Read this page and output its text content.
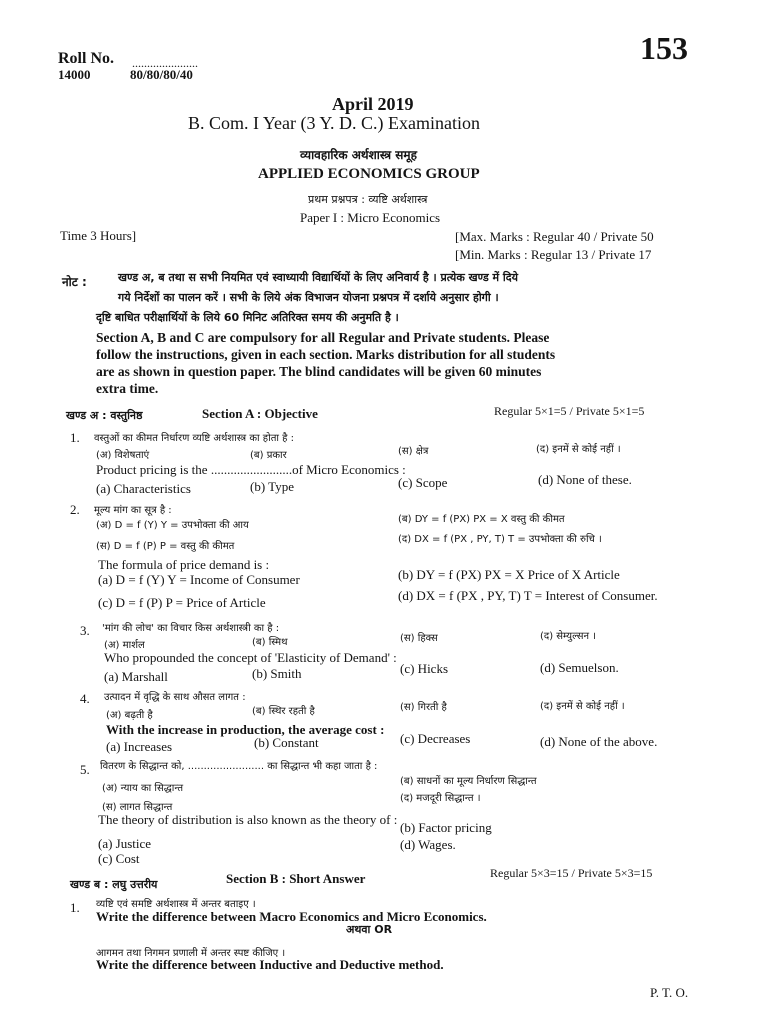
Roll No. ......................
14000	80/80/80/40
153
April 2019
B. Com. I Year (3 Y. D. C.) Examination
व्यावहारिक अर्थशास्त्र समूह
APPLIED ECONOMICS GROUP
प्रथम प्रश्नपत्र : व्यष्टि अर्थशास्त्र
Paper I : Micro Economics
Time 3 Hours]	[Max. Marks : Regular 40 / Private 50
[Min. Marks : Regular 13 / Private 17
नोट :	खण्ड अ, ब तथा स सभी नियमित एवं स्वाध्यायी विद्यार्थियों के लिए अनिवार्य है । प्रत्येक खण्ड में दिये
गये निर्देशों का पालन करें । सभी के लिये अंक विभाजन योजना प्रश्नपत्र में दर्शाये अनुसार होगी ।
दृष्टि बाधित परीक्षार्थियों के लिये 60 मिनिट अतिरिक्त समय की अनुमति है ।
Section A, B and C are compulsory for all Regular and Private students. Please
follow the instructions, given in each section. Marks distribution for all students
are as shown in question paper. The blind candidates will be given 60 minutes
extra time.
खण्ड अ : वस्तुनिष्ठ	Section A : Objective	Regular 5×1=5 / Private 5×1=5
1. वस्तुओं का कीमत निर्धारण व्यष्टि अर्थशास्त्र का होता है :
(अ) विशेषताएं	(ब) प्रकार	(स) क्षेत्र	(द) इनमें से कोई नहीं ।
Product pricing is the .........................of Micro Economics :
(a) Characteristics	(b) Type	(c) Scope	(d) None of these.
2. मूल्य मांग का सूत्र है :
(अ) D = f (Y) Y = उपभोक्ता की आय
(ब) DY = f (PX) PX = X वस्तु की कीमत
(स) D = f (P) P = वस्तु की कीमत
(द) DX = f (PX , PY, T) T = उपभोक्ता की रुचि ।
The formula of price demand is :
(a) D = f (Y) Y = Income of Consumer	(b) DY = f (PX) PX = X Price of X Article
(c) D = f (P) P = Price of Article	(d) DX = f (PX , PY, T) T = Interest of Consumer.
3. 'मांग की लोच' का विचार किस अर्थशास्त्री का है :
(अ) मार्शल	(ब) स्मिथ	(स) हिक्स	(द) सेम्युल्सन ।
Who propounded the concept of 'Elasticity of Demand' :
(a) Marshall	(b) Smith	(c) Hicks	(d) Semuelson.
4. उत्पादन में वृद्धि के साथ औसत लागत :
(अ) बढ़ती है	(ब) स्थिर रहती है	(स) गिरती है	(द) इनमें से कोई नहीं ।
With the increase in production, the average cost :
(a) Increases	(b) Constant	(c) Decreases	(d) None of the above.
5. वितरण के सिद्धान्त को, ........................ का सिद्धान्त भी कहा जाता है :
(अ) न्याय का सिद्धान्त
(ब) साधनों का मूल्य निर्धारण सिद्धान्त
(स) लागत सिद्धान्त
(द) मजदूरी सिद्धान्त ।
The theory of distribution is also known as the theory of :
(a) Justice
(b) Factor pricing
(c) Cost
(d) Wages.
खण्ड ब : लघु उत्तरीय	Section B : Short Answer	Regular 5×3=15 / Private 5×3=15
1. व्यष्टि एवं समष्टि अर्थशास्त्र में अन्तर बताइए ।
Write the difference between Macro Economics and Micro Economics.
अथवा OR
आगमन तथा निगमन प्रणाली में अन्तर स्पष्ट कीजिए ।
Write the difference between Inductive and Deductive method.
P. T. O.
